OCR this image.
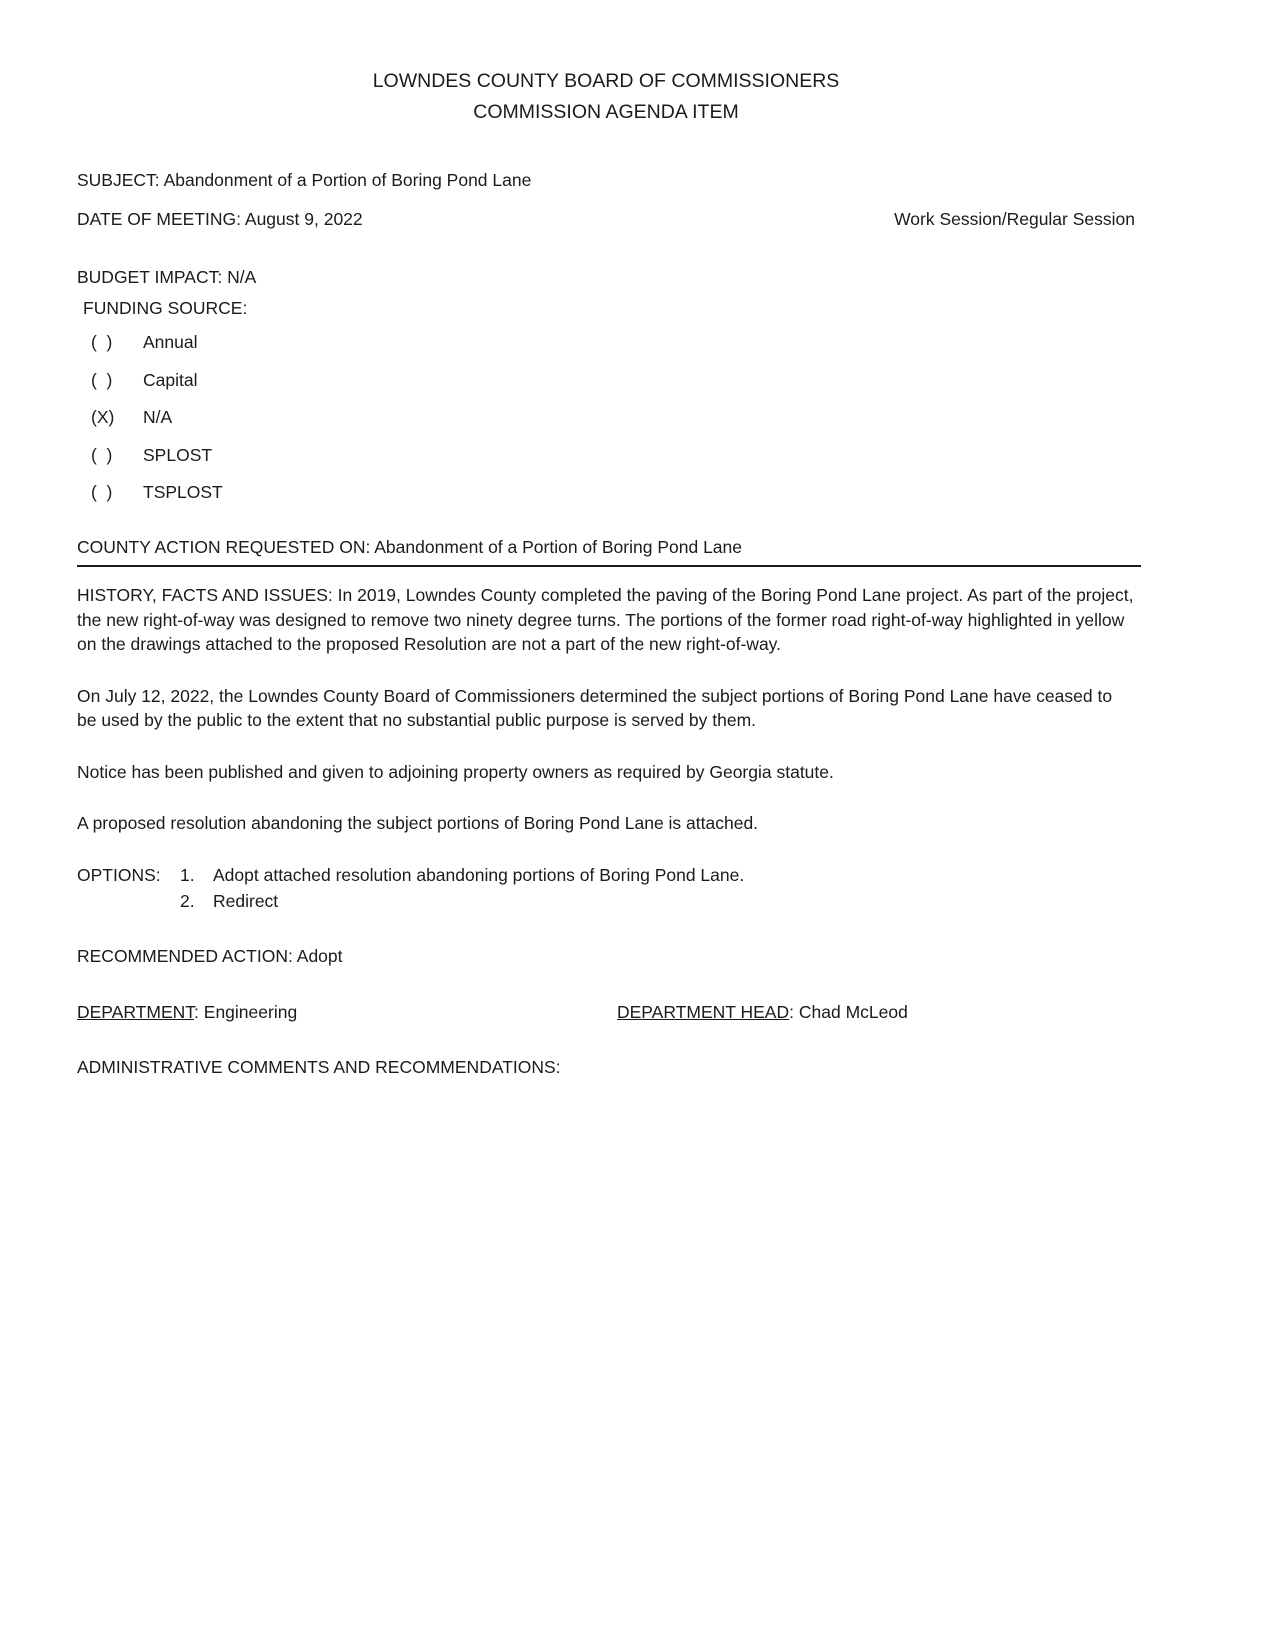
LOWNDES COUNTY BOARD OF COMMISSIONERS
COMMISSION AGENDA ITEM

SUBJECT: Abandonment of a Portion of Boring Pond Lane

DATE OF MEETING: August 9, 2022	Work Session/Regular Session

BUDGET IMPACT: N/A

FUNDING SOURCE:

(  )	Annual
(  )	Capital
(X)	N/A
(  )	SPLOST
(  )	TSPLOST

COUNTY ACTION REQUESTED ON: Abandonment of a Portion of Boring Pond Lane

HISTORY, FACTS AND ISSUES: In 2019, Lowndes County completed the paving of the Boring Pond Lane project. As part of the project, the new right-of-way was designed to remove two ninety degree turns. The portions of the former road right-of-way highlighted in yellow on the drawings attached to the proposed Resolution are not a part of the new right-of-way.

On July 12, 2022, the Lowndes County Board of Commissioners determined the subject portions of Boring Pond Lane have ceased to be used by the public to the extent that no substantial public purpose is served by them.

Notice has been published and given to adjoining property owners as required by Georgia statute.

A proposed resolution abandoning the subject portions of Boring Pond Lane is attached.

OPTIONS:	1.	Adopt attached resolution abandoning portions of Boring Pond Lane.
2.	Redirect

RECOMMENDED ACTION: Adopt

DEPARTMENT: Engineering	DEPARTMENT HEAD: Chad McLeod

ADMINISTRATIVE COMMENTS AND RECOMMENDATIONS:
